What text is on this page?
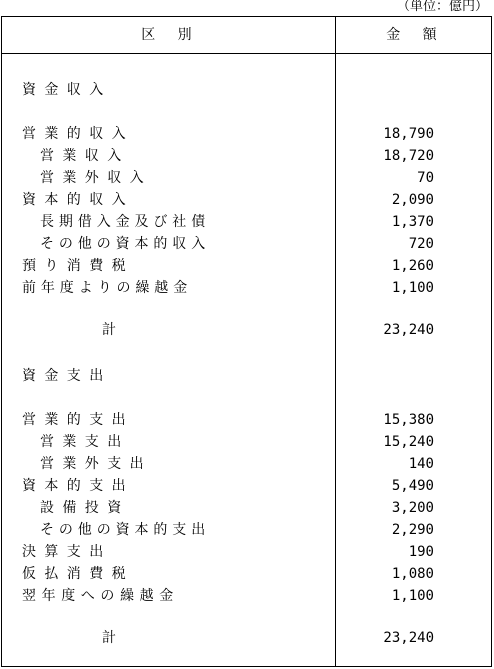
（単位：億円）
区　別	金　額
資金収入
営業的収入	18,790
営業収入	18,720
営業外収入	70
資本的収入	2,090
長期借入金及び社債	1,370
その他の資本的収入	720
預り消費税	1,260
前年度よりの繰越金	1,100
計	23,240
資金支出
営業的支出	15,380
営業支出	15,240
営業外支出	140
資本的支出	5,490
設備投資	3,200
その他の資本的支出	2,290
決算支出	190
仮払消費税	1,080
翌年度への繰越金	1,100
計	23,240
